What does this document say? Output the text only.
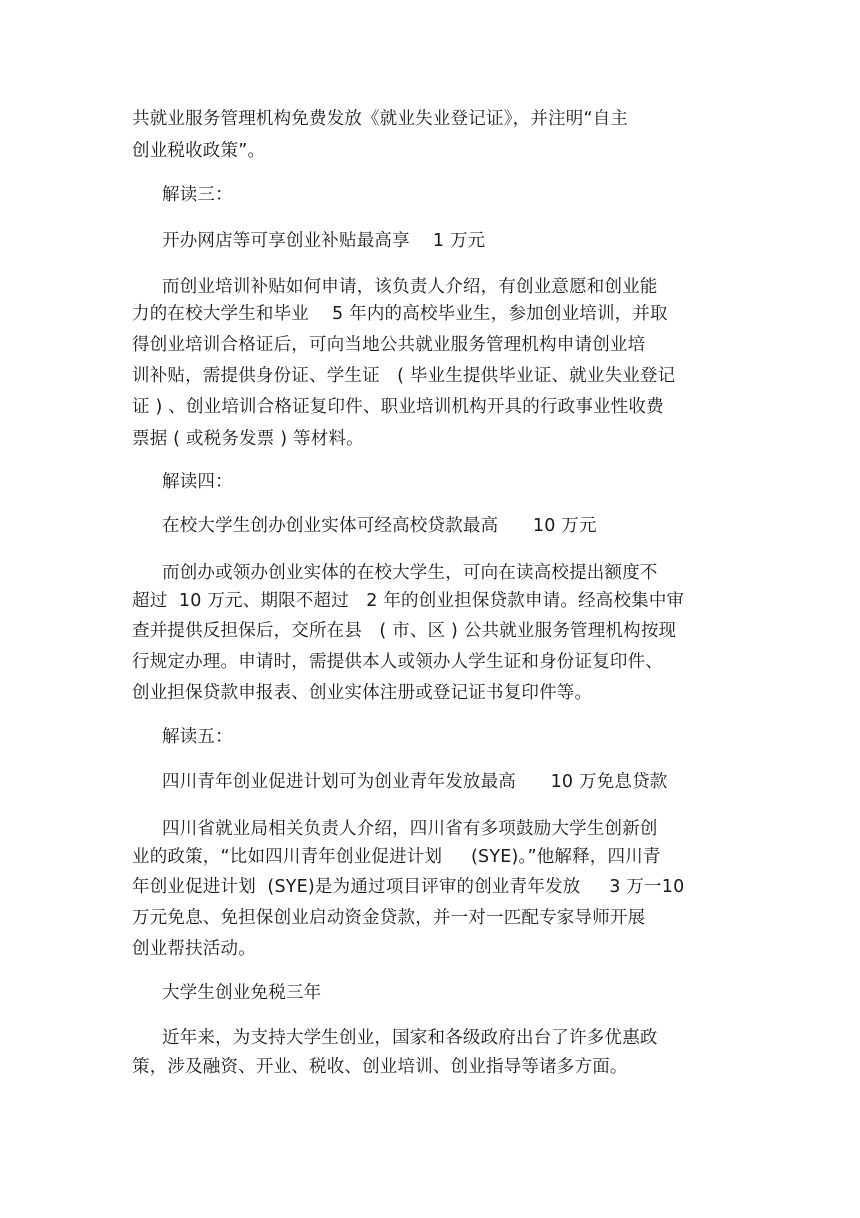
共就业服务管理机构免费发放《就业失业登记证》，并注明“自主
创业税收政策”。
解读三：
开办网店等可享创业补贴最高享    1 万元
而创业培训补贴如何申请，该负责人介绍，有创业意愿和创业能
力的在校大学生和毕业    5 年内的高校毕业生，参加创业培训，并取
得创业培训合格证后，可向当地公共就业服务管理机构申请创业培
训补贴，需提供身份证、学生证   ( 毕业生提供毕业证、就业失业登记
证 ) 、创业培训合格证复印件、职业培训机构开具的行政事业性收费
票据 ( 或税务发票 ) 等材料。
解读四：
在校大学生创办创业实体可经高校贷款最高      10 万元
而创办或领办创业实体的在校大学生，可向在读高校提出额度不
超过  10 万元、期限不超过   2 年的创业担保贷款申请。经高校集中审
查并提供反担保后，交所在县   ( 市、区 ) 公共就业服务管理机构按现
行规定办理。申请时，需提供本人或领办人学生证和身份证复印件、
创业担保贷款申报表、创业实体注册或登记证书复印件等。
解读五：
四川青年创业促进计划可为创业青年发放最高      10 万免息贷款
四川省就业局相关负责人介绍，四川省有多项鼓励大学生创新创
业的政策，“比如四川青年创业促进计划     (SYE)。”他解释，四川青
年创业促进计划  (SYE)是为通过项目评审的创业青年发放     3 万一10
万元免息、免担保创业启动资金贷款，并一对一匹配专家导师开展
创业帮扶活动。
大学生创业免税三年
近年来，为支持大学生创业，国家和各级政府出台了许多优惠政
策，涉及融资、开业、税收、创业培训、创业指导等诸多方面。
